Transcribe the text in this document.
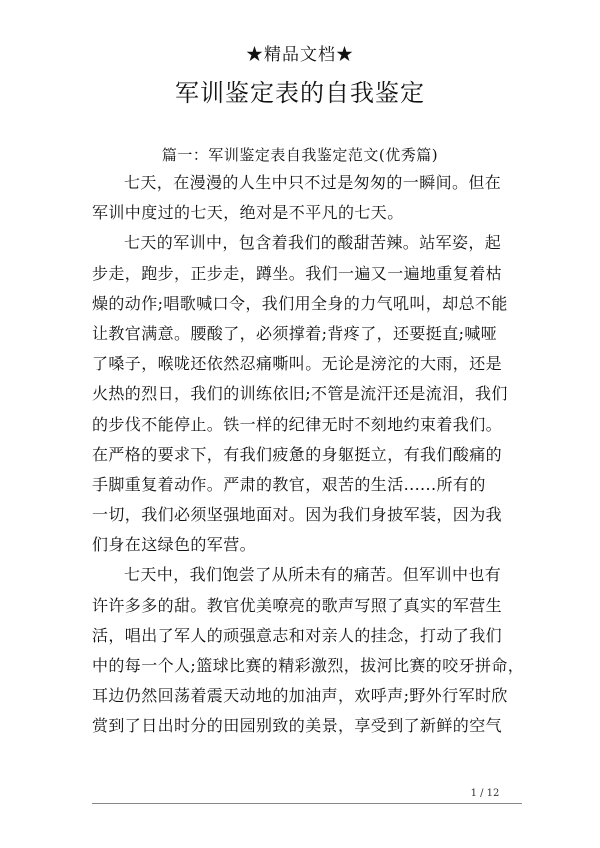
★精品文档★
军训鉴定表的自我鉴定
篇一：军训鉴定表自我鉴定范文(优秀篇)

七天，在漫漫的人生中只不过是匆匆的一瞬间。但在

军训中度过的七天，绝对是不平凡的七天。

七天的军训中，包含着我们的酸甜苦辣。站军姿，起

步走，跑步，正步走，蹲坐。我们一遍又一遍地重复着枯

燥的动作;唱歌喊口令，我们用全身的力气吼叫，却总不能

让教官满意。腰酸了，必须撑着;背疼了，还要挺直;喊哑

了嗓子，喉咙还依然忍痛嘶叫。无论是滂沱的大雨，还是

火热的烈日，我们的训练依旧;不管是流汗还是流泪，我们

的步伐不能停止。铁一样的纪律无时不刻地约束着我们。

在严格的要求下，有我们疲惫的身躯挺立，有我们酸痛的

手脚重复着动作。严肃的教官，艰苦的生活......所有的

一切，我们必须坚强地面对。因为我们身披军装，因为我

们身在这绿色的军营。

七天中，我们饱尝了从所未有的痛苦。但军训中也有

许许多多的甜。教官优美嘹亮的歌声写照了真实的军营生

活，唱出了军人的顽强意志和对亲人的挂念，打动了我们

中的每一个人;篮球比赛的精彩激烈，拔河比赛的咬牙拼命，

耳边仍然回荡着震天动地的加油声，欢呼声;野外行军时欣

赏到了日出时分的田园别致的美景，享受到了新鲜的空气

1 / 12
